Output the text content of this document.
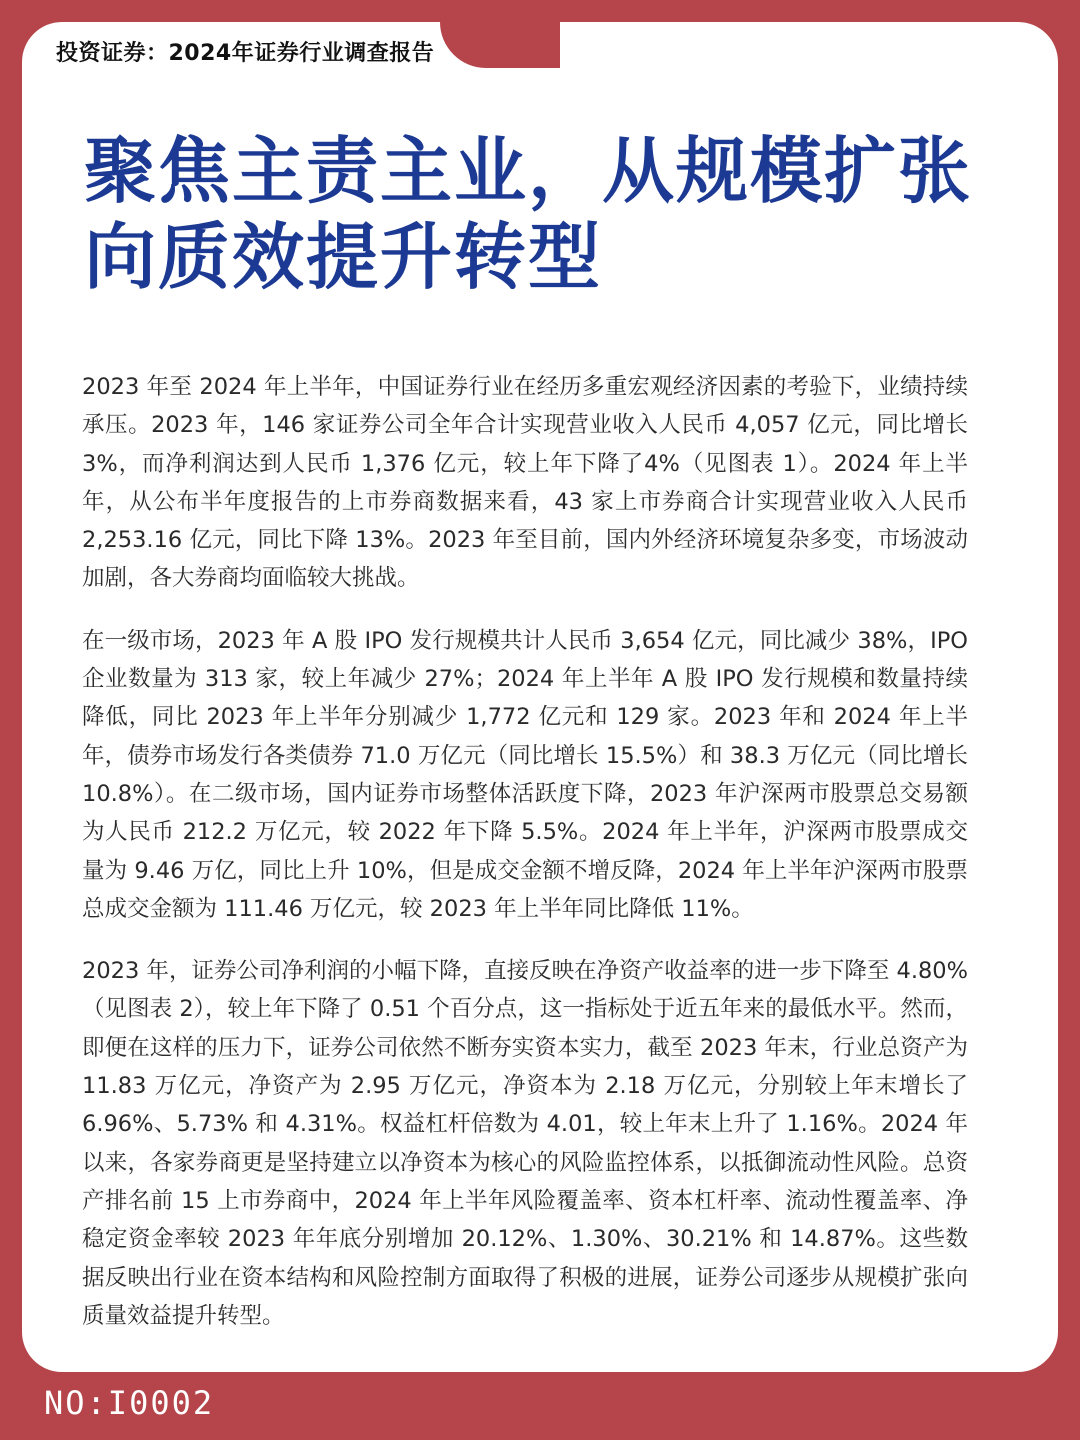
投资证券：2024年证券行业调查报告
聚焦主责主业，从规模扩张
向质效提升转型

2023 年至 2024 年上半年，中国证券行业在经历多重宏观经济因素的考验下，业绩持续承压。2023 年，146 家证券公司全年合计实现营业收入人民币 4,057 亿元，同比增长 3%，而净利润达到人民币 1,376 亿元，较上年下降了4%（见图表 1）。2024 年上半年，从公布半年度报告的上市券商数据来看，43 家上市券商合计实现营业收入人民币 2,253.16 亿元，同比下降 13%。2023 年至目前，国内外经济环境复杂多变，市场波动加剧，各大券商均面临较大挑战。

在一级市场，2023 年 A 股 IPO 发行规模共计人民币 3,654 亿元，同比减少 38%，IPO 企业数量为 313 家，较上年减少 27%；2024 年上半年 A 股 IPO 发行规模和数量持续降低，同比 2023 年上半年分别减少 1,772 亿元和 129 家。2023 年和 2024 年上半年，债券市场发行各类债券 71.0 万亿元（同比增长 15.5%）和 38.3 万亿元（同比增长 10.8%）。在二级市场，国内证券市场整体活跃度下降，2023 年沪深两市股票总交易额为人民币 212.2 万亿元，较 2022 年下降 5.5%。2024 年上半年，沪深两市股票成交量为 9.46 万亿，同比上升 10%，但是成交金额不增反降，2024 年上半年沪深两市股票总成交金额为 111.46 万亿元，较 2023 年上半年同比降低 11%。

2023 年，证券公司净利润的小幅下降，直接反映在净资产收益率的进一步下降至 4.80%（见图表 2），较上年下降了 0.51 个百分点，这一指标处于近五年来的最低水平。然而，即便在这样的压力下，证券公司依然不断夯实资本实力，截至 2023 年末，行业总资产为 11.83 万亿元，净资产为 2.95 万亿元，净资本为 2.18 万亿元，分别较上年末增长了 6.96%、5.73% 和 4.31%。权益杠杆倍数为 4.01，较上年末上升了 1.16%。2024 年以来，各家券商更是坚持建立以净资本为核心的风险监控体系，以抵御流动性风险。总资产排名前 15 上市券商中，2024 年上半年风险覆盖率、资本杠杆率、流动性覆盖率、净稳定资金率较 2023 年年底分别增加 20.12%、1.30%、30.21% 和 14.87%。这些数据反映出行业在资本结构和风险控制方面取得了积极的进展，证券公司逐步从规模扩张向质量效益提升转型。

NO:I0002
